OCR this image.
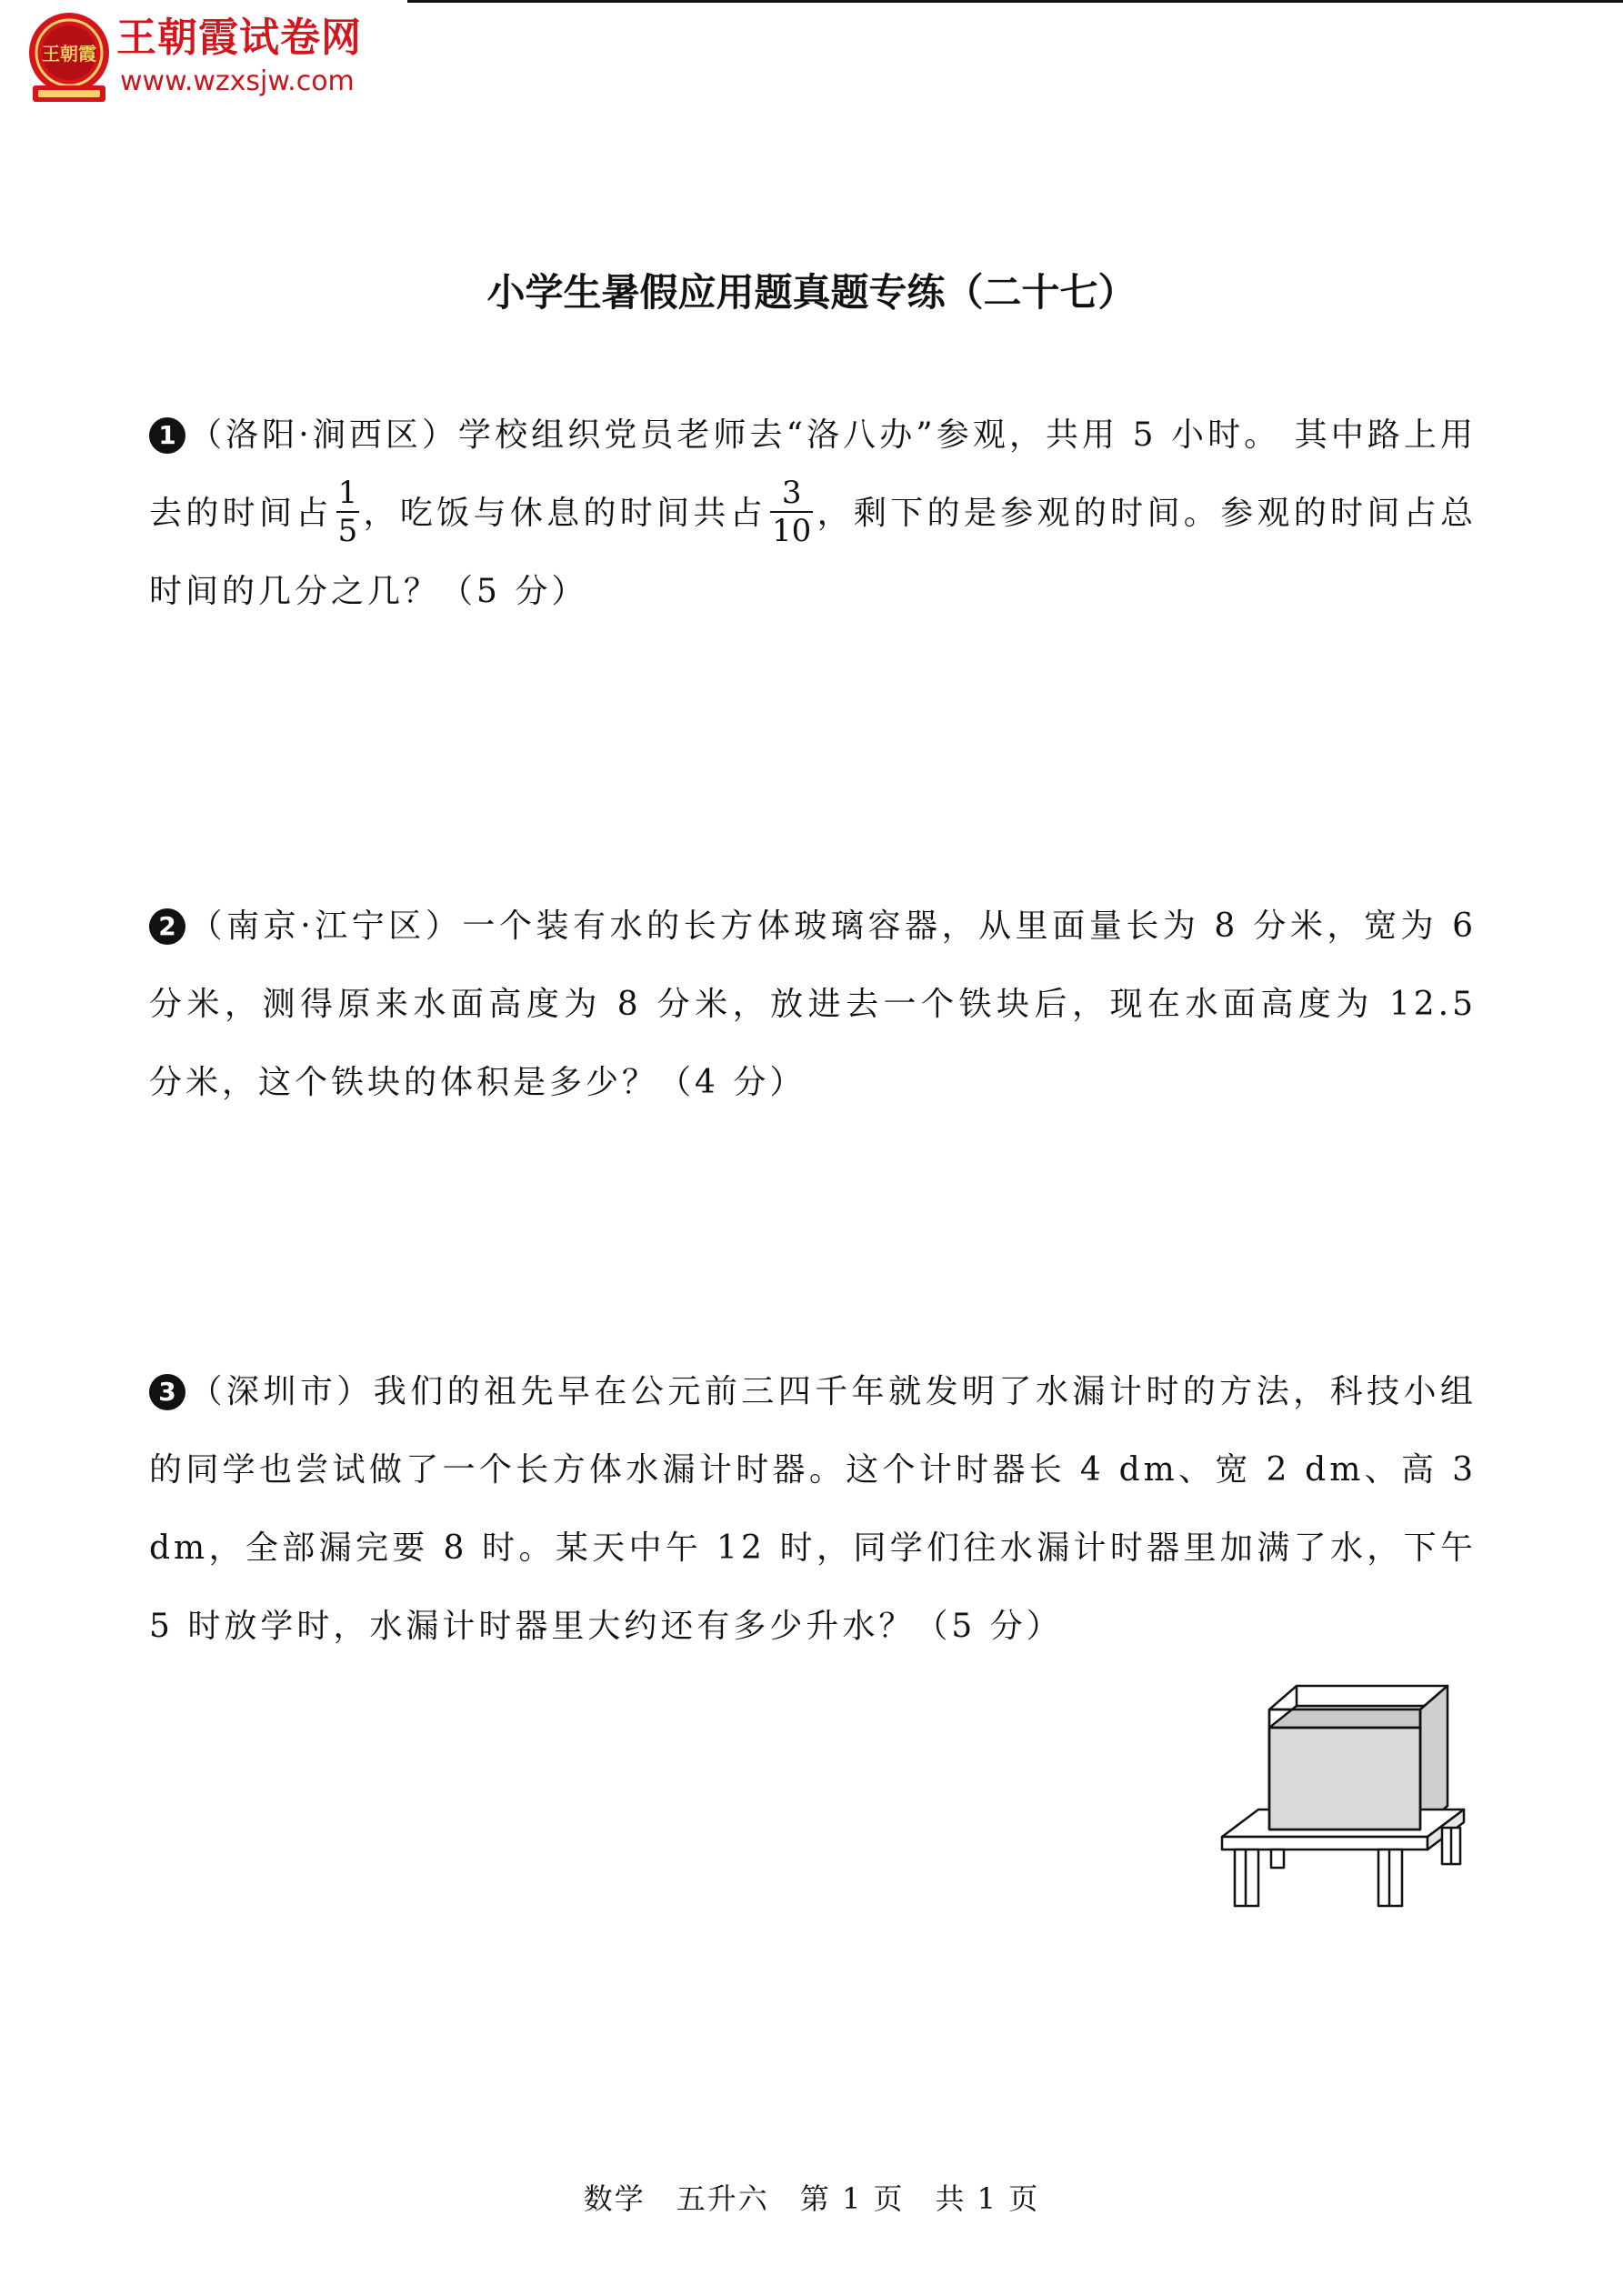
王朝霞 王朝霞试卷网
www.wzxsjw.com
小学生暑假应用题真题专练（二十七）
1 （洛阳·涧西区）学校组织党员老师去“洛八办”参观，共用 5 小时。 其中路上用去的时间占 $\frac{1}{5}$ ，吃饭与休息的时间共占 $\frac{3}{10}$ ，剩下的是参观的时间。参观的时间占总时间的几分之几？（5 分）
2 （南京·江宁区）一个装有水的长方体玻璃容器，从里面量长为 8 分米，宽为 6 分米，测得原来水面高度为 8 分米，放进去一个铁块后，现在水面高度为 12.5 分米，这个铁块的体积是多少？（4 分）
3 （深圳市）我们的祖先早在公元前三四千年就发明了水漏计时的方法，科技小组的同学也尝试做了一个长方体水漏计时器。这个计时器长 4 dm、宽 2 dm、高 3 dm，全部漏完要 8 时。某天中午 12 时，同学们往水漏计时器里加满了水，下午 5 时放学时，水漏计时器里大约还有多少升水？（5 分）
数学　五升六　第 1 页　共 1 页
